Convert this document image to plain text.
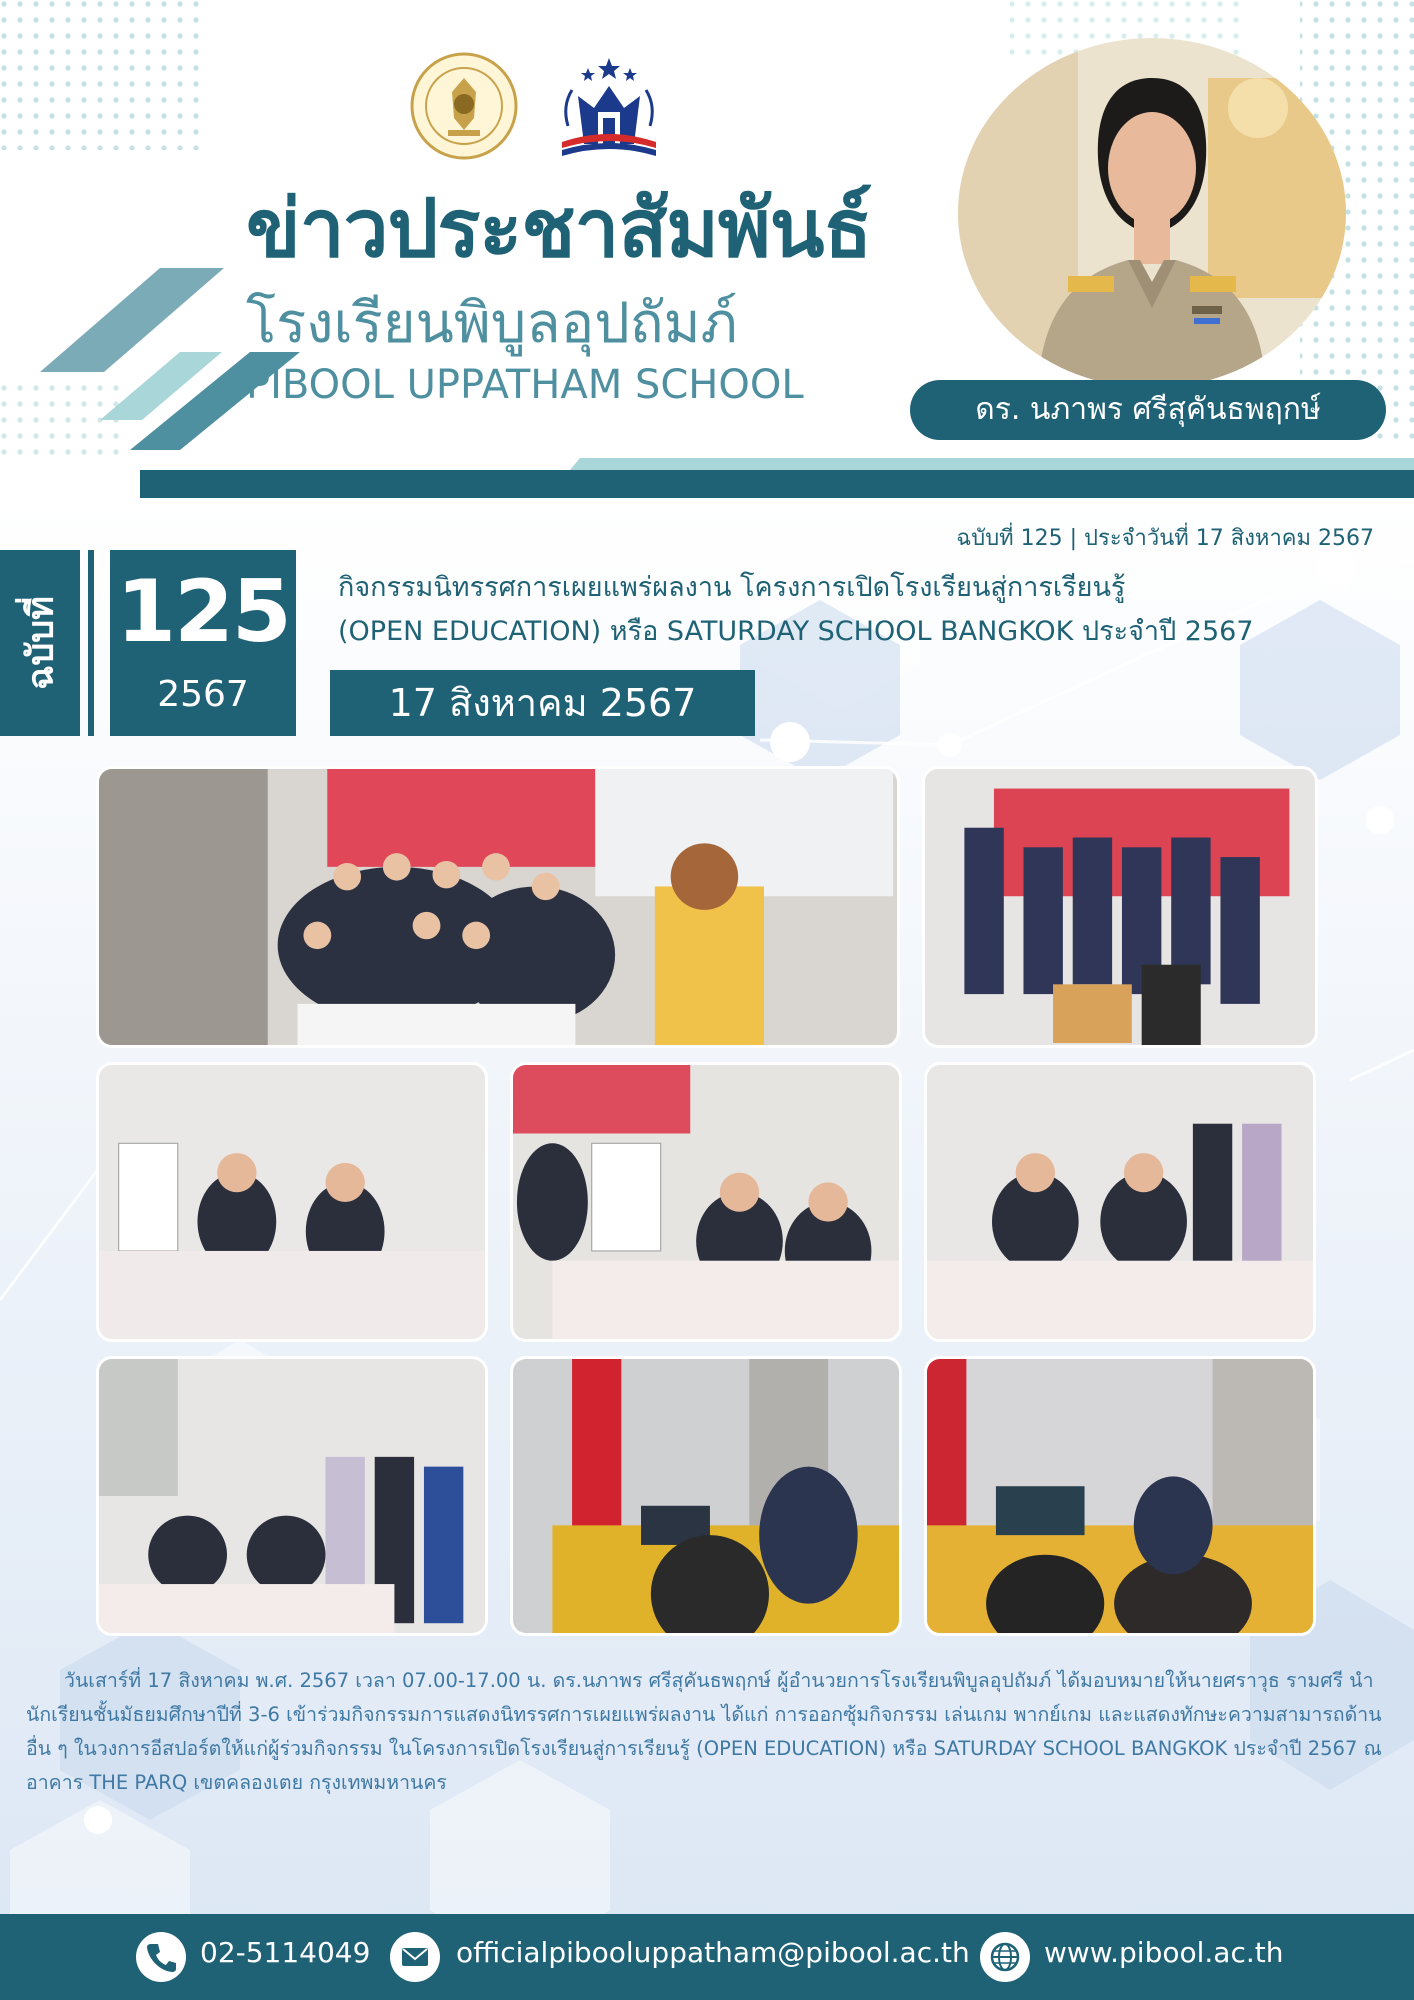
ข่าวประชาสัมพันธ์
โรงเรียนพิบูลอุปถัมภ์
PIBOOL UPPATHAM SCHOOL
ดร. นภาพร ศรีสุคันธพฤกษ์
ฉบับที่ 125 | ประจำวันที่ 17 สิงหาคม 2567
ฉบับที่ 125
2567
กิจกรรมนิทรรศการเผยแพร่ผลงาน โครงการเปิดโรงเรียนสู่การเรียนรู้
(OPEN EDUCATION) หรือ SATURDAY SCHOOL BANGKOK ประจำปี 2567
17 สิงหาคม 2567

วันเสาร์ที่ 17 สิงหาคม พ.ศ. 2567 เวลา 07.00-17.00 น. ดร.นภาพร ศรีสุคันธพฤกษ์ ผู้อำนวยการโรงเรียนพิบูลอุปถัมภ์ ได้มอบหมายให้นายศราวุธ รามศรี นำนักเรียนชั้นมัธยมศึกษาปีที่ 3-6 เข้าร่วมกิจกรรมการแสดงนิทรรศการเผยแพร่ผลงาน ได้แก่ การออกซุ้มกิจกรรม เล่นเกม พากย์เกม และแสดงทักษะความสามารถด้านอื่น ๆ ในวงการอีสปอร์ตให้แก่ผู้ร่วมกิจกรรม ในโครงการเปิดโรงเรียนสู่การเรียนรู้ (OPEN EDUCATION) หรือ SATURDAY SCHOOL BANGKOK ประจำปี 2567 ณ อาคาร THE PARQ เขตคลองเตย กรุงเทพมหานคร

02-5114049	officialpibooluppatham@pibool.ac.th	www.pibool.ac.th
